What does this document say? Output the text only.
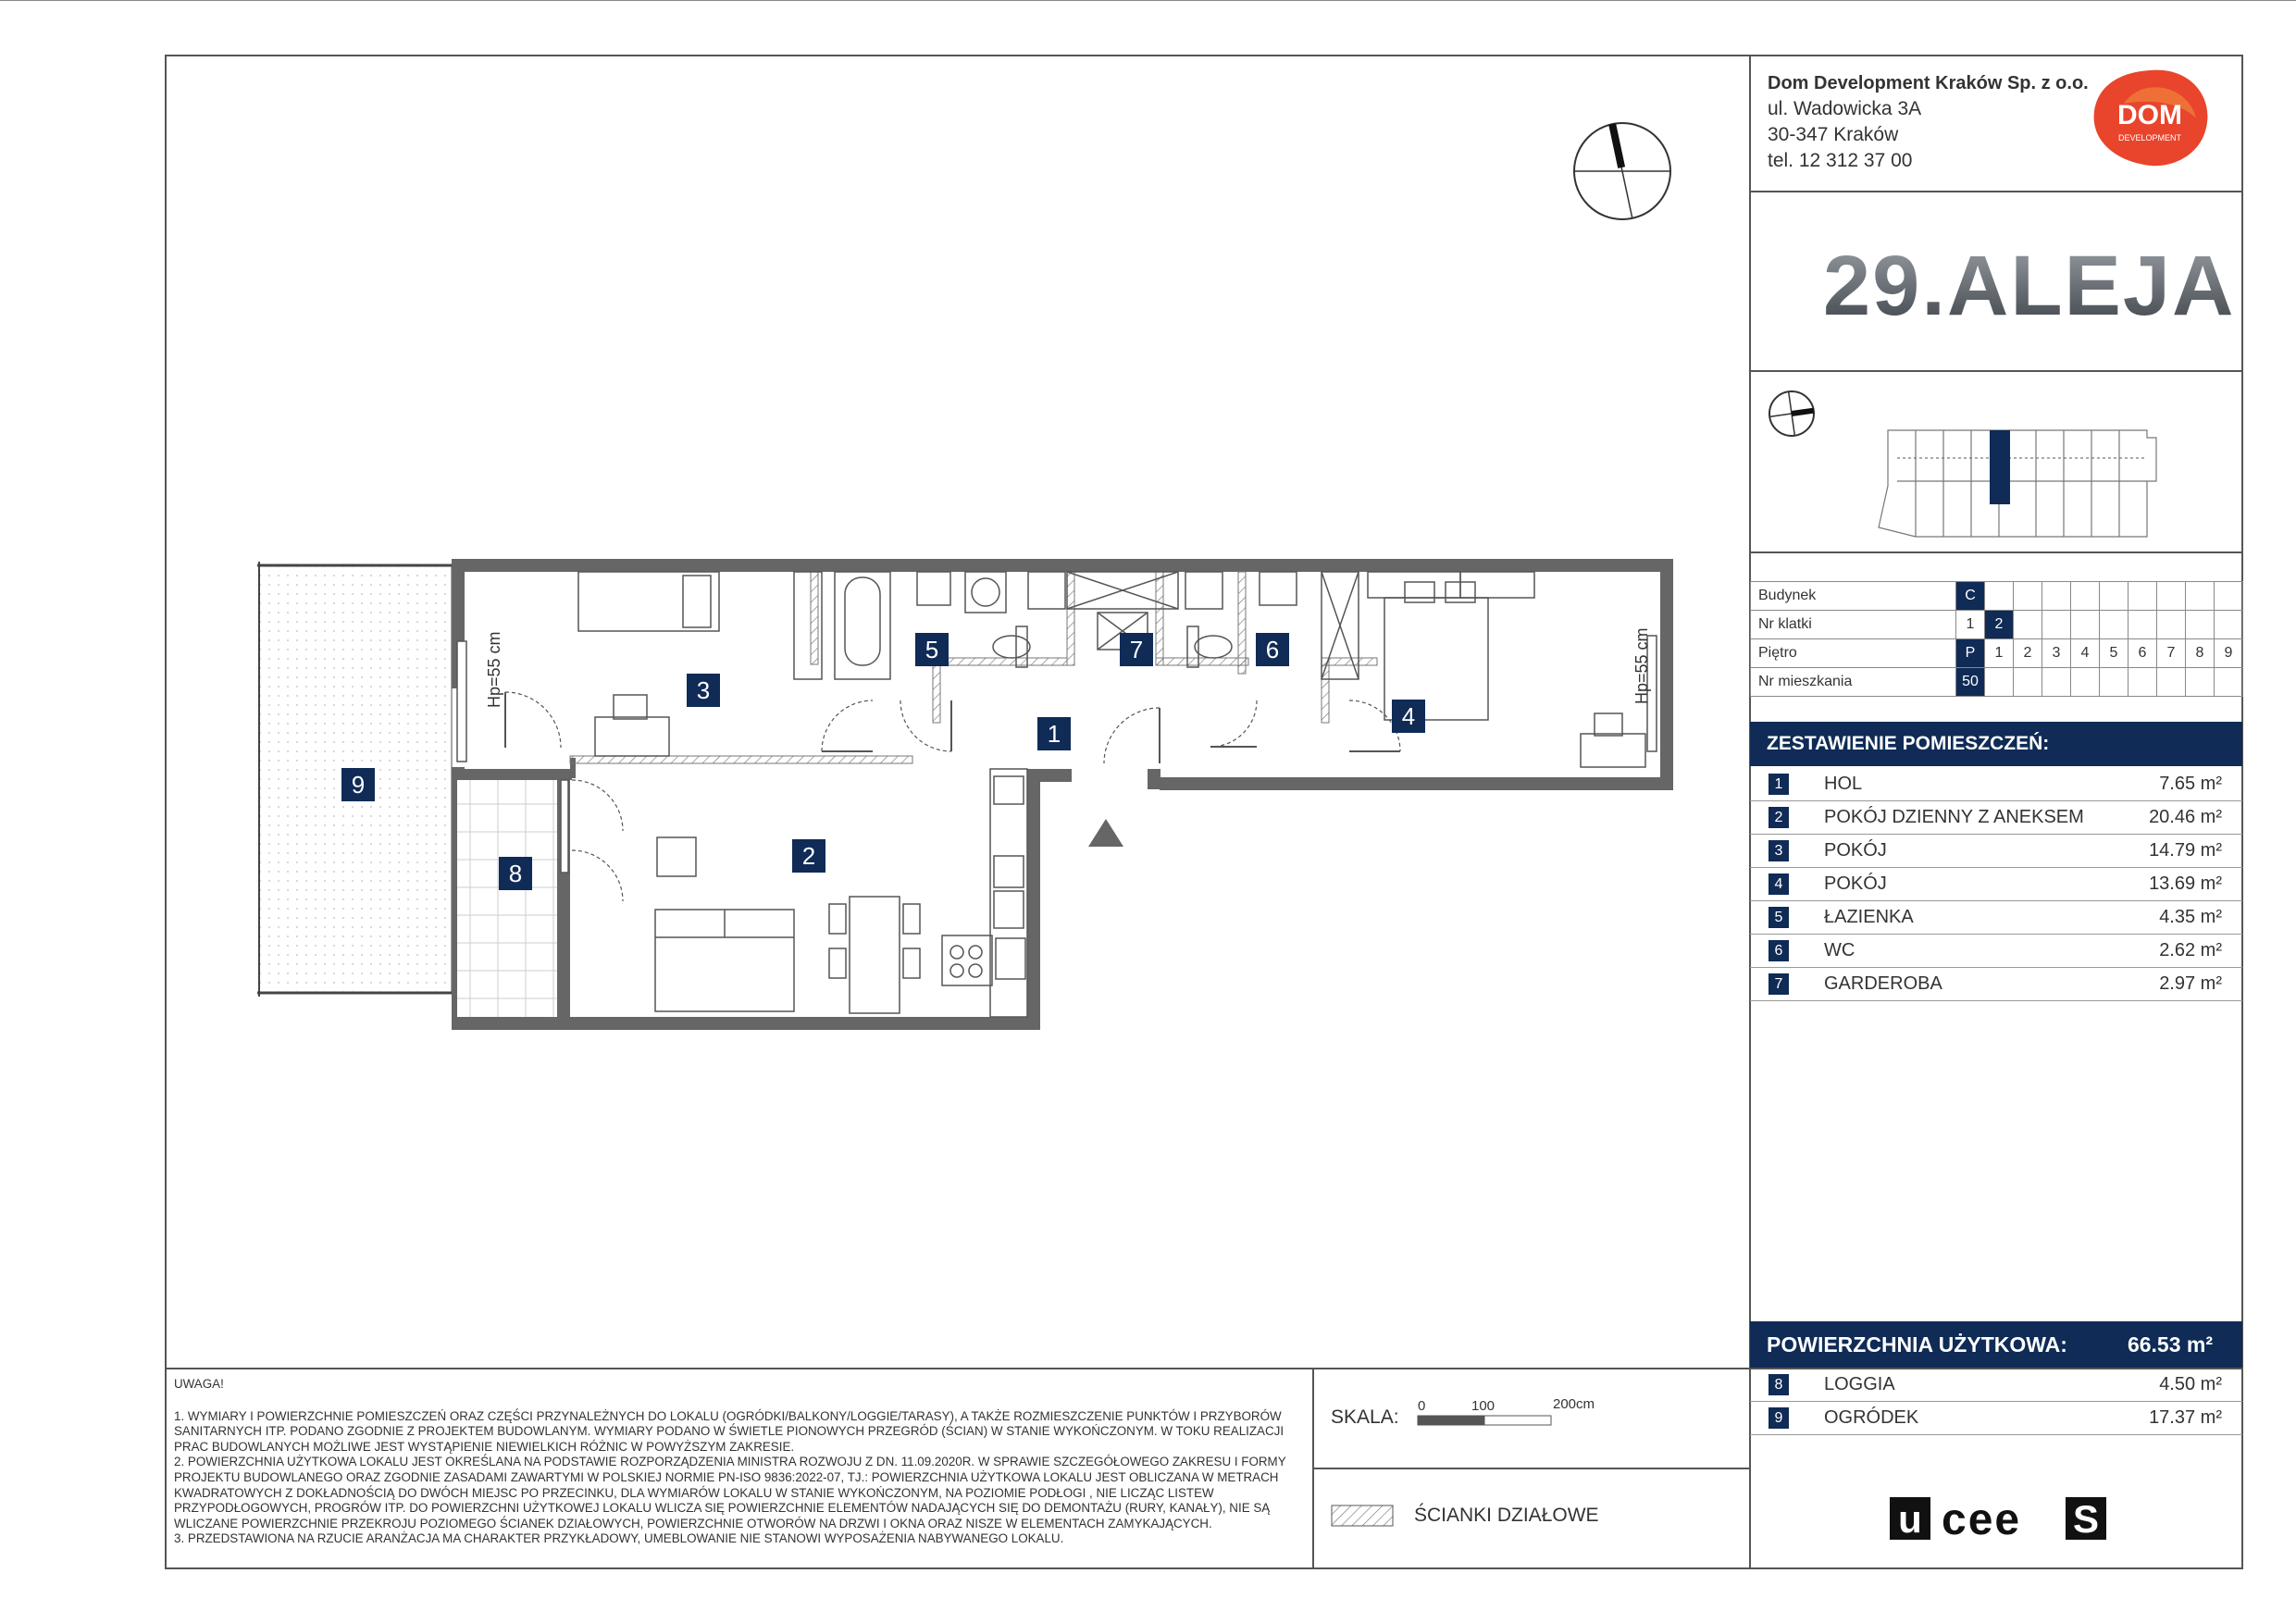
Hp=55 cm	Hp=55 cm
1
2
3
4
5	6
7
8
9
Dom Development Kraków Sp. z o.o.
ul. Wadowicka 3A
30-347 Kraków
tel. 12 312 37 00
DOM
DEVELOPMENT
29.ALEJA
Budynek	C									
Nr klatki	1	2								
Piętro	P	1	2	3	4	5	6	7	8	9
Nr mieszkania	50									
ZESTAWIENIE POMIESZCZEŃ:
1	HOL	7.65 m²
2	POKÓJ DZIENNY Z ANEKSEM	20.46 m²
3	POKÓJ	14.79 m²
4	POKÓJ	13.69 m²
5	ŁAZIENKA	4.35 m²
6	WC	2.62 m²
7	GARDEROBA	2.97 m²
POWIERZCHNIA UŻYTKOWA:	66.53 m²
8	LOGGIA	4.50 m²
9	OGRÓDEK	17.37 m²
UWAGA!
1. WYMIARY I POWIERZCHNIE POMIESZCZEŃ ORAZ CZĘŚCI PRZYNALEŻNYCH DO LOKALU (OGRÓDKI/BALKONY/LOGGIE/TARASY), A TAKŻE ROZMIESZCZENIE PUNKTÓW I PRZYBORÓW SANITARNYCH ITP. PODANO ZGODNIE Z PROJEKTEM BUDOWLANYM. WYMIARY PODANO W ŚWIETLE PIONOWYCH PRZEGRÓD (ŚCIAN) W STANIE WYKOŃCZONYM. W TOKU REALIZACJI PRAC BUDOWLANYCH MOŻLIWE JEST WYSTĄPIENIE NIEWIELKICH RÓŻNIC W POWYŻSZYM ZAKRESIE.
2. POWIERZCHNIA UŻYTKOWA LOKALU JEST OKREŚLANA NA PODSTAWIE ROZPORZĄDZENIA MINISTRA ROZWOJU Z DN. 11.09.2020R. W SPRAWIE SZCZEGÓŁOWEGO ZAKRESU I FORMY PROJEKTU BUDOWLANEGO ORAZ ZGODNIE ZASADAMI ZAWARTYMI W POLSKIEJ NORMIE PN-ISO 9836:2022-07, TJ.: POWIERZCHNIA UŻYTKOWA LOKALU JEST OBLICZANA W METRACH KWADRATOWYCH Z DOKŁADNOŚCIĄ DO DWÓCH MIEJSC PO PRZECINKU, DLA WYMIARÓW LOKALU W STANIE WYKOŃCZONYM, NA POZIOMIE PODŁOGI , NIE LICZĄC LISTEW PRZYPODŁOGOWYCH, PROGRÓW ITP. DO POWIERZCHNI UŻYTKOWEJ LOKALU WLICZA SIĘ POWIERZCHNIE ELEMENTÓW NADAJĄCYCH SIĘ DO DEMONTAŻU (RURY, KANAŁY), NIE SĄ WLICZANE POWIERZCHNIE PRZEKROJU POZIOMEGO ŚCIANEK DZIAŁOWYCH, POWIERZCHNIE OTWORÓW NA DRZWI I OKNA ORAZ NISZE W ELEMENTACH ZAMYKAJĄCYCH.
3. PRZEDSTAWIONA NA RZUCIE ARANŻACJA MA CHARAKTER PRZYKŁADOWY, UMEBLOWANIE NIE STANOWI WYPOSAŻENIA NABYWANEGO LOKALU.
SKALA:
0	100	200cm
ŚCIANKI DZIAŁOWE	u cee S
uceeS
